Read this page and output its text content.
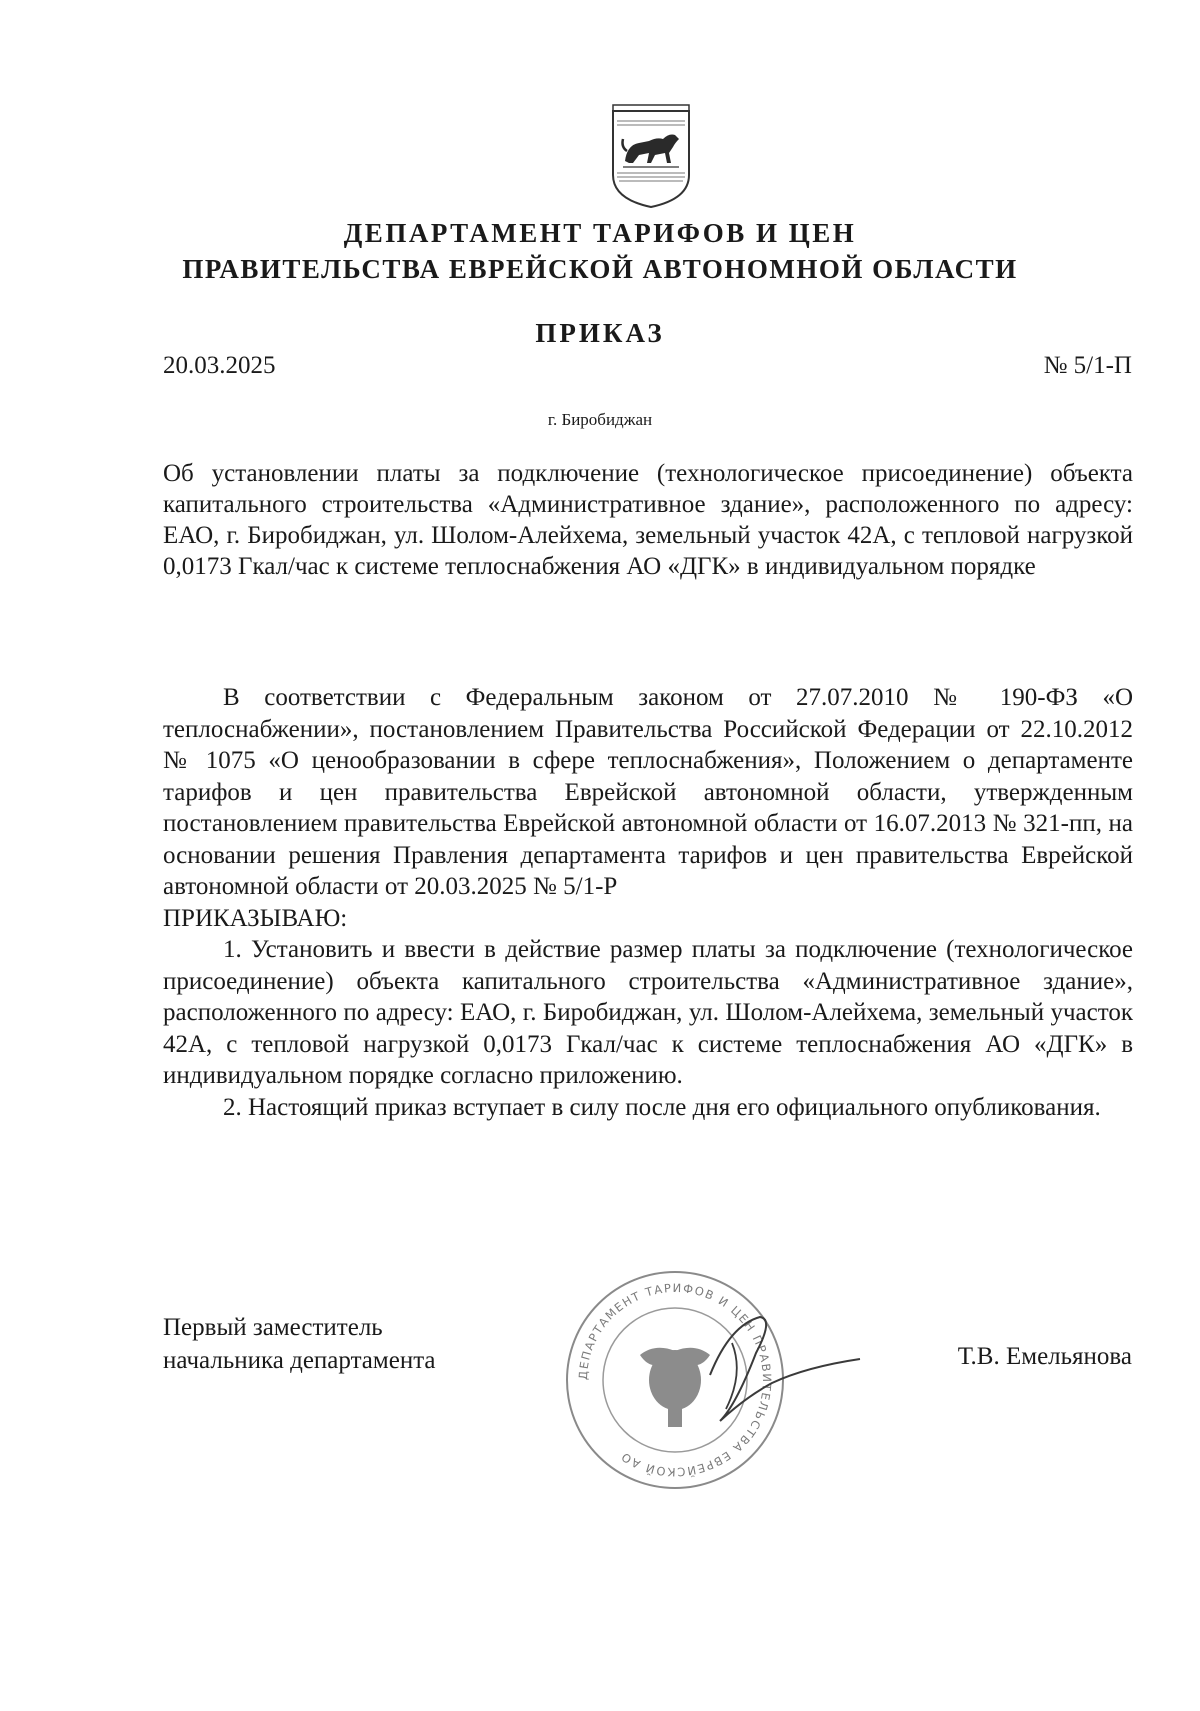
ДЕПАРТАМЕНТ ТАРИФОВ И ЦЕН
ПРАВИТЕЛЬСТВА ЕВРЕЙСКОЙ АВТОНОМНОЙ ОБЛАСТИ
ПРИКАЗ
20.03.2025	№ 5/1-П
г. Биробиджан

Об установлении платы за подключение (технологическое присоединение) объекта капитального строительства «Административное здание», расположенного по адресу: ЕАО, г. Биробиджан, ул. Шолом-Алейхема, земельный участок 42А, с тепловой нагрузкой 0,0173 Гкал/час к системе теплоснабжения АО «ДГК» в индивидуальном порядке

В соответствии с Федеральным законом от 27.07.2010 № 190-ФЗ «О теплоснабжении», постановлением Правительства Российской Федерации от 22.10.2012 № 1075 «О ценообразовании в сфере теплоснабжения», Положением о департаменте тарифов и цен правительства Еврейской автономной области, утвержденным постановлением правительства Еврейской автономной области от 16.07.2013 № 321-пп, на основании решения Правления департамента тарифов и цен правительства Еврейской автономной области от 20.03.2025 № 5/1-Р

ПРИКАЗЫВАЮ:

1. Установить и ввести в действие размер платы за подключение (технологическое присоединение) объекта капитального строительства «Административное здание», расположенного по адресу: ЕАО, г. Биробиджан, ул. Шолом-Алейхема, земельный участок 42А, с тепловой нагрузкой 0,0173 Гкал/час к системе теплоснабжения АО «ДГК» в индивидуальном порядке согласно приложению.

2. Настоящий приказ вступает в силу после дня его официального опубликования.

Первый заместитель
начальника департамента
ДЕПАРТАМЕНТ ТАРИФОВ И ЦЕН ПРАВИТЕЛЬСТВА ЕВРЕЙСКОЙ АО
Т.В. Емельянова
